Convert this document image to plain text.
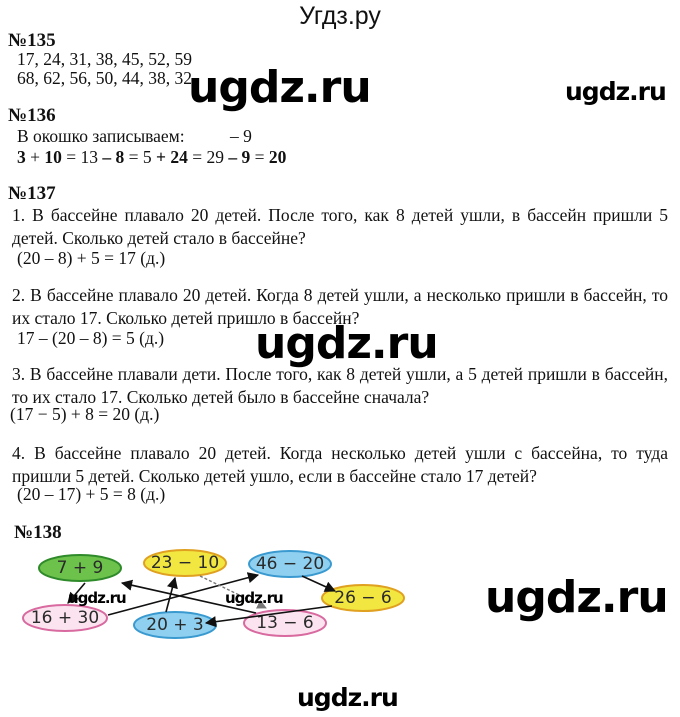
Угдз.ру
№135
17, 24, 31, 38, 45, 52, 59
68, 62, 56, 50, 44, 38, 32
ugdz.ru	ugdz.ru
№136
В окошко записываем:	– 9
3 + 10 = 13 – 8 = 5 + 24 = 29 – 9 = 20
№137
1. В бассейне плавало 20 детей. После того, как 8 детей ушли, в бассейн пришли 5 детей. Сколько детей стало в бассейне?
(20 – 8) + 5 = 17 (д.)
2. В бассейне плавало 20 детей. Когда 8 детей ушли, а несколько пришли в бассейн, то их стало 17. Сколько детей пришло в бассейн?
17 – (20 – 8) = 5 (д.) ugdz.ru
3. В бассейне плавали дети. После того, как 8 детей ушли, а 5 детей пришли в бассейн, то их стало 17. Сколько детей было в бассейне сначала?
(17 − 5) + 8 = 20 (д.)
4. В бассейне плавало 20 детей. Когда несколько детей ушли с бассейна, то туда пришли 5 детей. Сколько детей ушло, если в бассейне стало 17 детей?
(20 – 17) + 5 = 8 (д.)
№138
7 + 9	23 − 10 46 − 20
26 − 6
16 + 30	20 + 3	13 − 6
ugdz.ru	ugdz.ru	ugdz.ru
ugdz.ru
